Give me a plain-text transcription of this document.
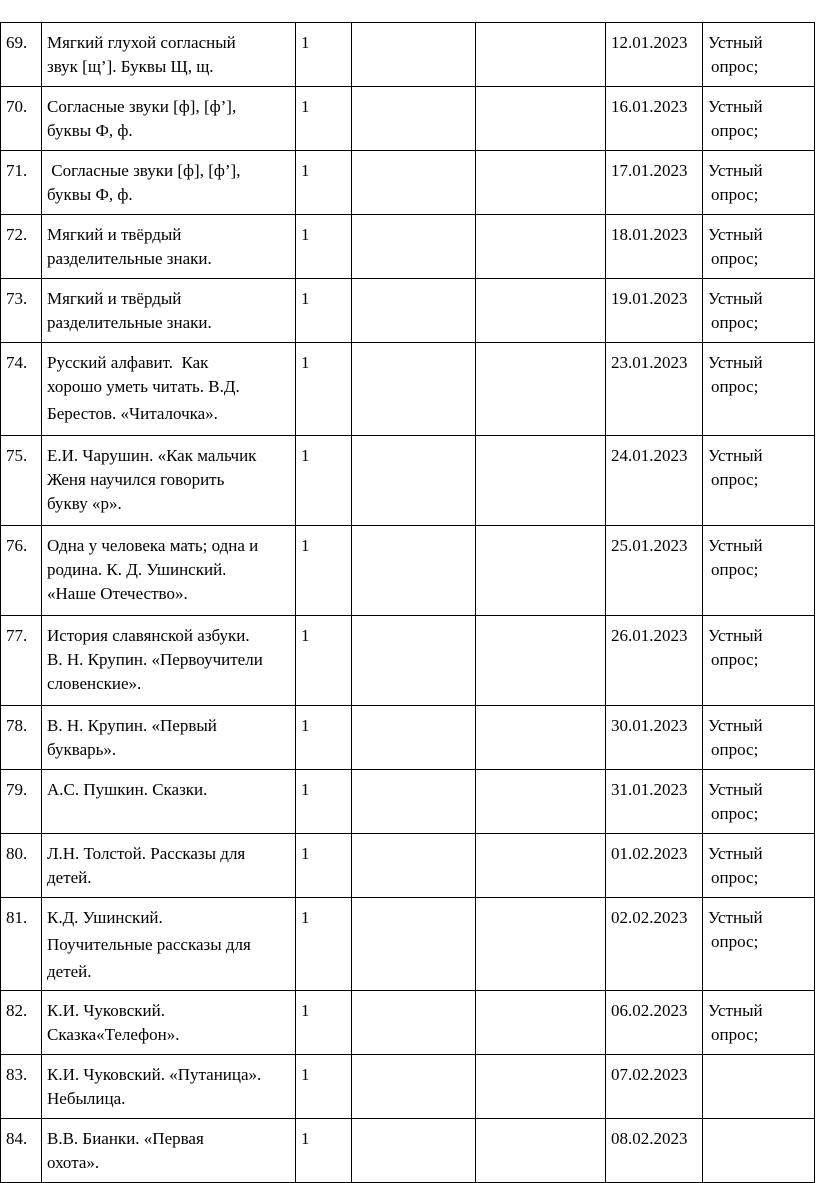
69.	Мягкий глухой согласный
звук [щ’]. Буквы Щ, щ.	1			12.01.2023	Устный
опрос;

70.	Согласные звуки [ф], [ф’],
буквы Ф, ф.	1			16.01.2023	Устный
опрос;

71.	Согласные звуки [ф], [ф’],
буквы Ф, ф.	1			17.01.2023	Устный
опрос;

72.	Мягкий и твёрдый
разделительные знаки.	1			18.01.2023	Устный
опрос;

73.	Мягкий и твёрдый
разделительные знаки.	1			19.01.2023	Устный
опрос;

74.	Русский алфавит.  Как
хорошо уметь читать. В.Д.
Берестов. «Читалочка».	1			23.01.2023	Устный
опрос;

75.	Е.И. Чарушин. «Как мальчик
Женя научился говорить
букву «р».	1			24.01.2023	Устный
опрос;

76.	Одна у человека мать; одна и
родина. К. Д. Ушинский.
«Наше Отечество».	1			25.01.2023	Устный
опрос;

77.	История славянской азбуки.
В. Н. Крупин. «Первоучители
словенские».	1			26.01.2023	Устный
опрос;

78.	В. Н. Крупин. «Первый
букварь».	1			30.01.2023	Устный
опрос;

79.	А.С. Пушкин. Сказки.	1			31.01.2023	Устный
опрос;

80.	Л.Н. Толстой. Рассказы для
детей.	1			01.02.2023	Устный
опрос;

81.	К.Д. Ушинский.
Поучительные рассказы для
детей.	1			02.02.2023	Устный
опрос;

82.	К.И. Чуковский.
Сказка«Телефон».	1			06.02.2023	Устный
опрос;

83.	К.И. Чуковский. «Путаница».
Небылица.	1			07.02.2023	
84.	В.В. Бианки. «Первая
охота».	1			08.02.2023	
